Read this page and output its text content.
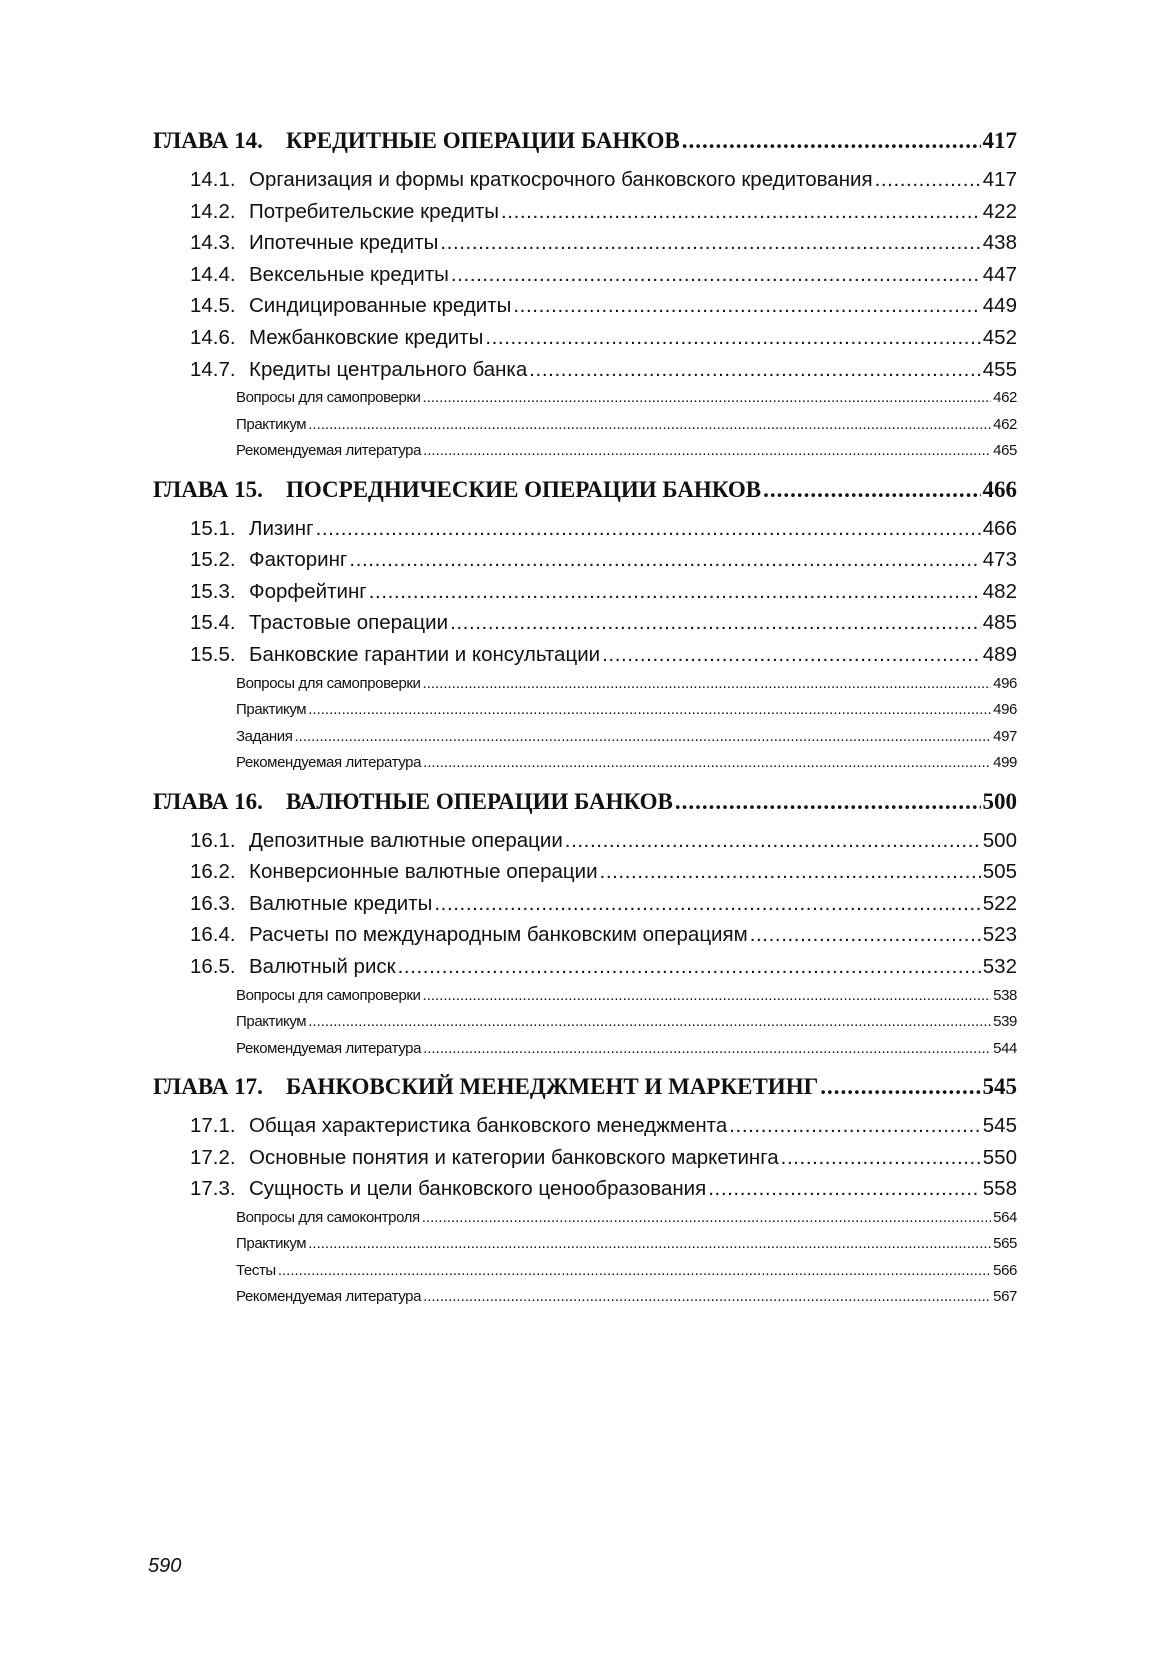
ГЛАВА 14. КРЕДИТНЫЕ ОПЕРАЦИИ БАНКОВ .....	417
14.1. Организация и формы краткосрочного банковского кредитования .....	417
14.2. Потребительские кредиты .....	422
14.3. Ипотечные кредиты .....	438
14.4. Вексельные кредиты .....	447
14.5. Синдицированные кредиты .....	449
14.6. Межбанковские кредиты .....	452
14.7. Кредиты центрального банка .....	455
Вопросы для самопроверки .....	462
Практикум .....	462
Рекомендуемая литература .....	465
ГЛАВА 15. ПОСРЕДНИЧЕСКИЕ ОПЕРАЦИИ БАНКОВ .....	466
15.1. Лизинг .....	466
15.2. Факторинг .....	473
15.3. Форфейтинг .....	482
15.4. Трастовые операции .....	485
15.5. Банковские гарантии и консультации .....	489
Вопросы для самопроверки .....	496
Практикум .....	496
Задания .....	497
Рекомендуемая литература .....	499
ГЛАВА 16. ВАЛЮТНЫЕ ОПЕРАЦИИ БАНКОВ .....	500
16.1. Депозитные валютные операции .....	500
16.2. Конверсионные валютные операции .....	505
16.3. Валютные кредиты .....	522
16.4. Расчеты по международным банковским операциям .....	523
16.5. Валютный риск .....	532
Вопросы для самопроверки .....	538
Практикум .....	539
Рекомендуемая литература .....	544
ГЛАВА 17. БАНКОВСКИЙ МЕНЕДЖМЕНТ И МАРКЕТИНГ .....	545
17.1. Общая характеристика банковского менеджмента .....	545
17.2. Основные понятия и категории банковского маркетинга .....	550
17.3. Сущность и цели банковского ценообразования .....	558
Вопросы для самоконтроля .....	564
Практикум .....	565
Тесты .....	566
Рекомендуемая литература .....	567
590
